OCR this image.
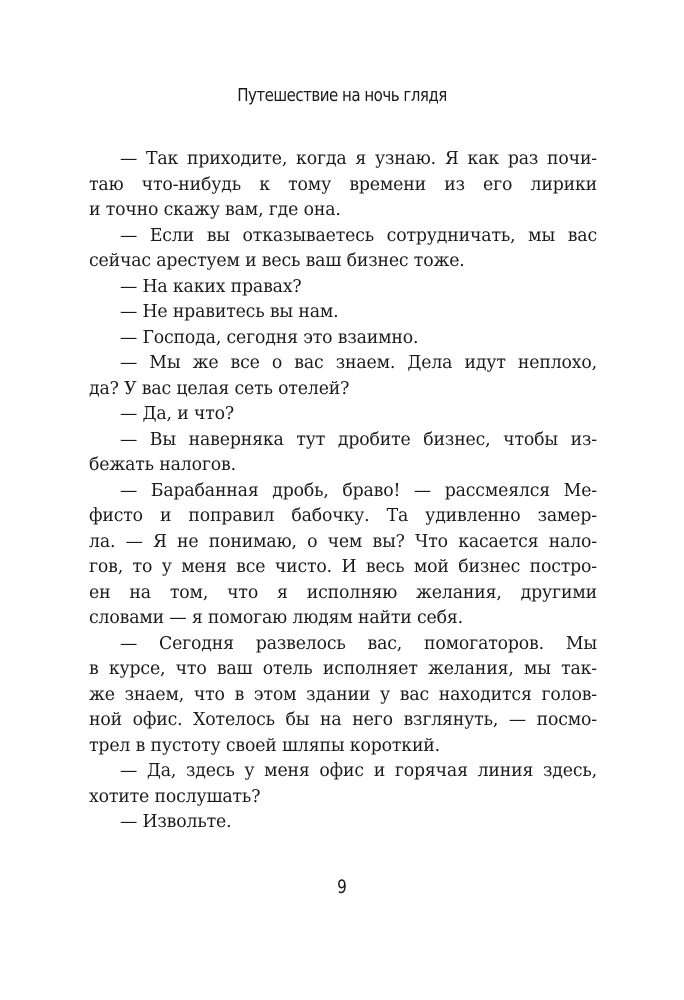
Путешествие на ночь глядя
— Так приходите, когда я узнаю. Я как раз почи-
таю что-нибудь к тому времени из его лирики
и точно скажу вам, где она.
— Если вы отказываетесь сотрудничать, мы вас
сейчас арестуем и весь ваш бизнес тоже.
— На каких правах?
— Не нравитесь вы нам.
— Господа, сегодня это взаимно.
— Мы же все о вас знаем. Дела идут неплохо,
да? У вас целая сеть отелей?
— Да, и что?
— Вы наверняка тут дробите бизнес, чтобы из-
бежать налогов.
— Барабанная дробь, браво! — рассмеялся Ме-
фисто и поправил бабочку. Та удивленно замер-
ла. — Я не понимаю, о чем вы? Что касается нало-
гов, то у меня все чисто. И весь мой бизнес постро-
ен на том, что я исполняю желания, другими
словами — я помогаю людям найти себя.
— Сегодня развелось вас, помогаторов. Мы
в курсе, что ваш отель исполняет желания, мы так-
же знаем, что в этом здании у вас находится голов-
ной офис. Хотелось бы на него взглянуть, — посмо-
трел в пустоту своей шляпы короткий.
— Да, здесь у меня офис и горячая линия здесь,
хотите послушать?
— Извольте.
9
